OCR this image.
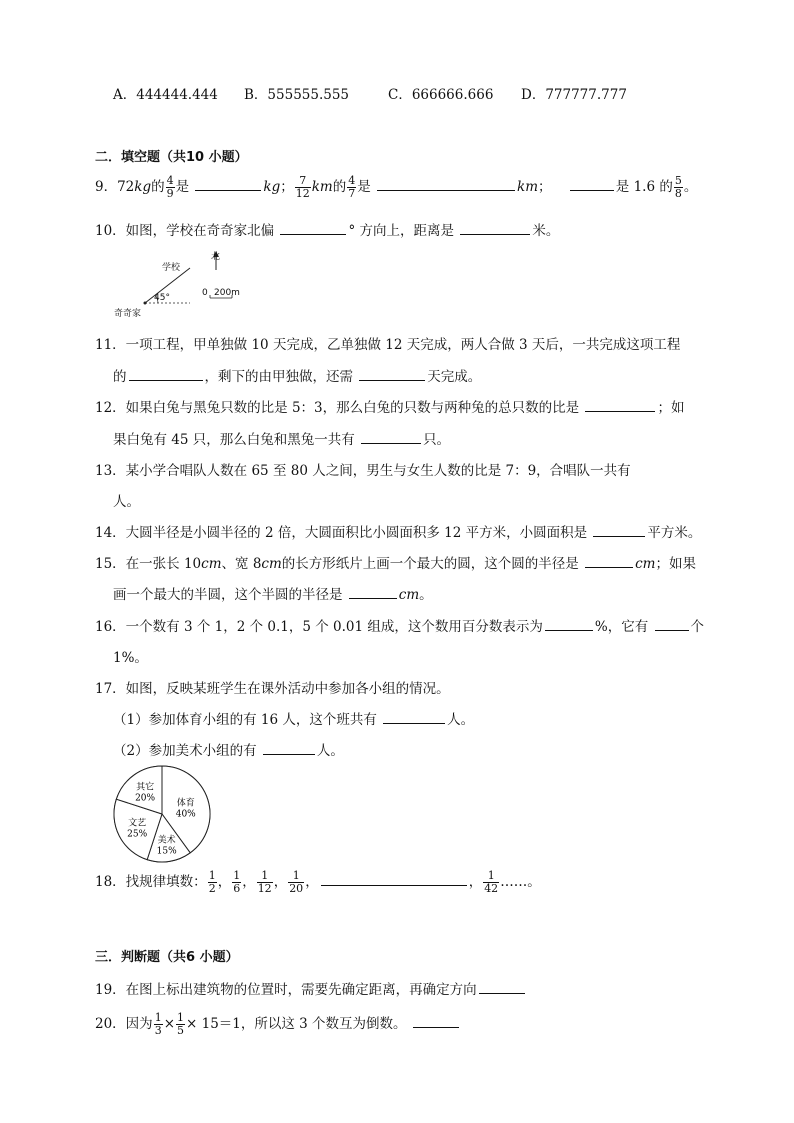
A．444444.444 B．555555.555	C．666666.666 D．777777.777
二．填空题（共10 小题）
9．72kg的 $\frac{4}{9}$ 是	kg； $\frac{7}{12}$ km的 $\frac{4}{7}$ 是	km；	是 1.6 的 $\frac{5}{8}$ 。
10．如图，学校在奇奇家北偏	° 方向上，距离是	米。
学校
奇奇家
北
45°	0 200m
11．一项工程，甲单独做 10 天完成，乙单独做 12 天完成，两人合做 3 天后，一共完成这项工程
的	，剩下的由甲独做，还需	天完成。
12．如果白兔与黑兔只数的比是 5：3，那么白兔的只数与两种兔的总只数的比是	；如
果白兔有 45 只，那么白兔和黑兔一共有	只。
13．某小学合唱队人数在 65 至 80 人之间，男生与女生人数的比是 7：9，合唱队一共有
人。
14．大圆半径是小圆半径的 2 倍，大圆面积比小圆面积多 12 平方米，小圆面积是	平方米。
15．在一张长 10cm、宽 8cm的长方形纸片上画一个最大的圆，这个圆的半径是	cm；如果
画一个最大的半圆，这个半圆的半径是	cm。
16．一个数有 3 个 1，2 个 0.1，5 个 0.01 组成，这个数用百分数表示为	%，它有	个
1%。
17．如图，反映某班学生在课外活动中参加各小组的情况。
（1）参加体育小组的有 16 人，这个班共有	人。
（2）参加美术小组的有	人。
体育
40%
美术
15%
文艺
25%
其它
20%
18．找规律填数： $\frac{1}{2}$ ， $\frac{1}{6}$ ， $\frac{1}{12}$ ， $\frac{1}{20}$ ，	， $\frac{1}{42}$ ……。
三．判断题（共6 小题）
19．在图上标出建筑物的位置时，需要先确定距离，再确定方向
20．因为 $\frac{1}{3} \times \frac{1}{5} \times 15=1$，所以这 3 个数互为倒数。
